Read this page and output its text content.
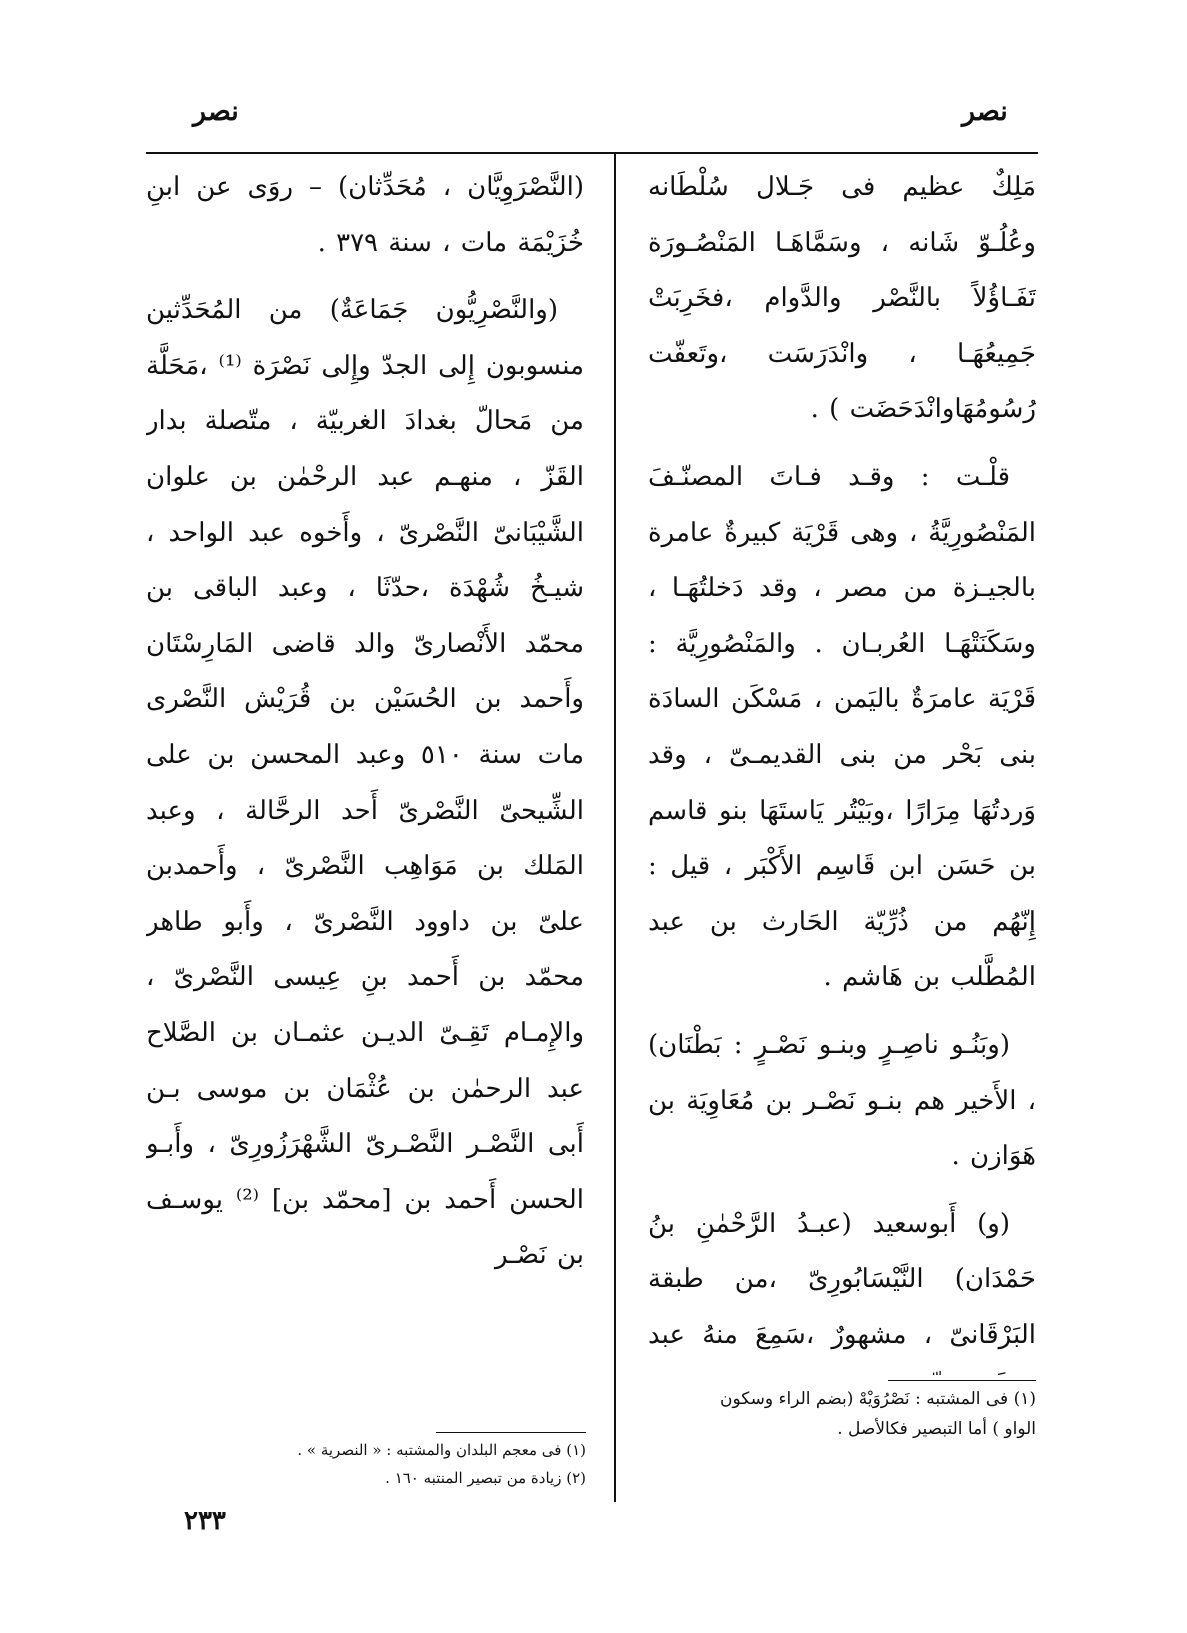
نصر
نصر

مَلِكٌ عظيم فى جَـلال سُلْطَانه وعُلُـوّ شَانه ، وسَمَّاهَـا المَنْصُـورَة تَفَـاؤُلاً بالنَّصْر والدَّوام ،فخَرِبَتْ جَمِيعُهَـا ، وانْدَرَسَت ،وتَعفّت رُسُومُهَاوانْدَحَضَت ) .

قلْـت : وقـد فـاتَ المصنّـفَ المَنْصُورِيَّةُ ، وهى قَرْيَة كبيرةٌ عامرة بالجيـزة من مصر ، وقد دَخلتُهَـا ، وسَكَنَتْهَـا العُربـان . والمَنْصُورِيَّة : قَرْيَة عامرَةٌ باليَمن ، مَسْكَن السادَة بنى بَحْر من بنى القديمـىّ ، وقد وَردتُهَا مِرَارًا ،وبَيْتُر يَاستَهَا بنو قاسم بن حَسَن ابن قَاسِم الأَكْبَر ، قيل : إِنّهُم من ذُرِّيّة الحَارث بن عبد المُطَّلب بن هَاشم .

(وبَنُـو ناصِـرٍ وبنـو نَصْـرٍ : بَطْنَان) ، الأَخير هم بنـو نَصْـر بن مُعَاوِيَة بن هَوَازن .

(و) أَبوسعيد (عبـدُ الرَّحْمٰنِ بنُ حَمْدَان) النَّيْسَابُورِىّ ،من طبقة البَرْقَانىّ ، مشهورٌ ،سَمِعَ منهُ عبد

(١) فى المشتبه : نَصْرُوَيْهْ (بضم الراء وسكون
الواو ) أما التبصير فكالأصل .

(النَّصْرَوِيَّان ، مُحَدِّثان) – روَى عن ابنِ خُزَيْمَة مات ، سنة ٣٧٩ .

(والنَّصْرِيُّون جَمَاعَةٌ) من المُحَدِّثين منسوبون إِلى الجدّ وإِلى نَصْرَة ⁽¹⁾ ،مَحَلَّة من مَحالّ بغدادَ الغربيّة ، متّصلة بدار القَزّ ، منهـم عبد الرحْمٰن بن علوان الشَّيْبَانىّ النَّصْرىّ ، وأَخوه عبد الواحد ، شيـخُ شُهْدَة ،حدّثَا ، وعبد الباقى بن محمّد الأَنْصارىّ والد قاضى المَارِسْتَان وأَحمد بن الحُسَيْن بن قُرَيْش النَّصْرى مات سنة ٥١٠ وعبد المحسن بن على الشِّيحىّ النَّصْرىّ أَحد الرحَّالة ، وعبد المَلك بن مَوَاهِب النَّصْرىّ ، وأَحمدبن علىّ بن داوود النَّصْرىّ ، وأَبو طاهر محمّد بن أَحمد بنِ عِيسى النَّصْرىّ ، والإِمـام تَقِـىّ الديـن عثمـان بن الصَّلاح عبد الرحمٰن بن عُثْمَان بن موسى بـن أَبى النَّصْـر النَّصْـرىّ الشَّهْرَزُورِىّ ، وأَبـو الحسن أَحمد بن [محمّد بن] ⁽²⁾ يوسـف بن نَصْـر

(١) فى معجم البلدان والمشتبه : « النصرية » .
(٢) زيادة من تبصير المنتبه ١٦٠ .
٢٣٣
